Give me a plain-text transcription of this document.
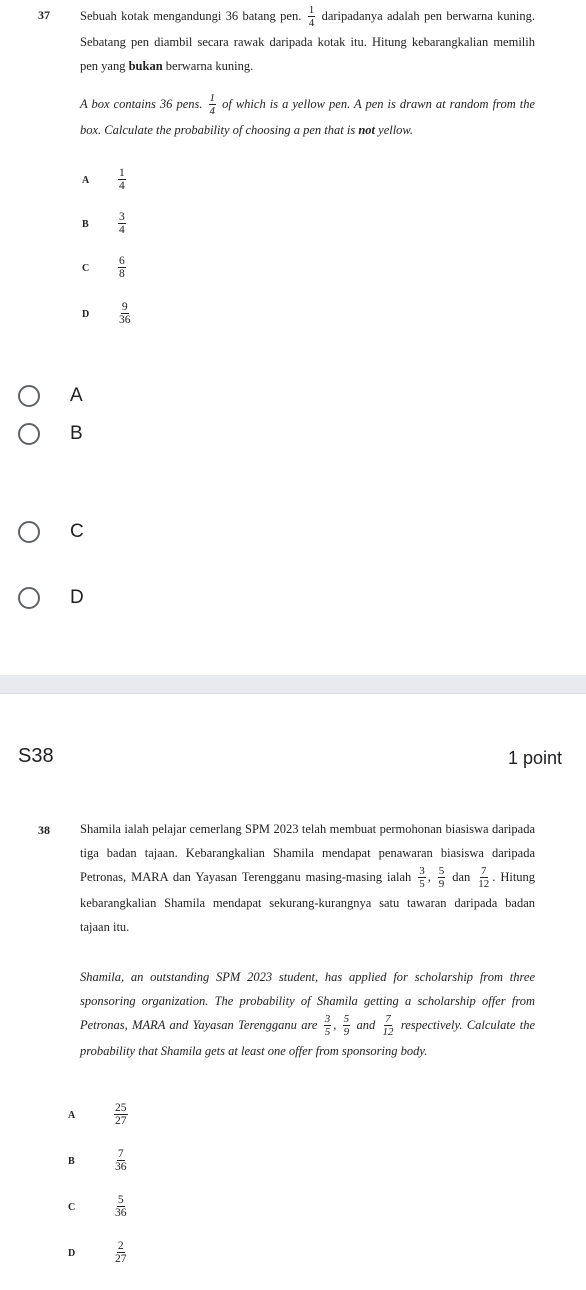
37 Sebuah kotak mengandungi 36 batang pen. $\frac{1}{4}$ daripadanya adalah pen berwarna kuning. Sebatang pen diambil secara rawak daripada kotak itu. Hitung kebarangkalian memilih pen yang bukan berwarna kuning.
A box contains 36 pens. $\frac{1}{4}$ of which is a yellow pen. A pen is drawn at random from the box. Calculate the probability of choosing a pen that is not yellow.
A	$\frac{1}{4}$
B	$\frac{3}{4}$
C	$\frac{6}{8}$
D	$\frac{9}{36}$
A
B
C
D
S38	1 point
38 Shamila ialah pelajar cemerlang SPM 2023 telah membuat permohonan biasiswa daripada tiga badan tajaan. Kebarangkalian Shamila mendapat penawaran biasiswa daripada Petronas, MARA dan Yayasan Terengganu masing-masing ialah $\frac{3}{5}$ , $\frac{5}{9}$ dan $\frac{7}{12}$ . Hitung kebarangkalian Shamila mendapat sekurang-kurangnya satu tawaran daripada badan tajaan itu.
Shamila, an outstanding SPM 2023 student, has applied for scholarship from three sponsoring organization. The probability of Shamila getting a scholarship offer from Petronas, MARA and Yayasan Terengganu are $\frac{3}{5}$ , $\frac{5}{9}$ and $\frac{7}{12}$ respectively. Calculate the probability that Shamila gets at least one offer from sponsoring body.
A	$\frac{25}{27}$
B	$\frac{7}{36}$
C	$\frac{5}{36}$
D	$\frac{2}{27}$
